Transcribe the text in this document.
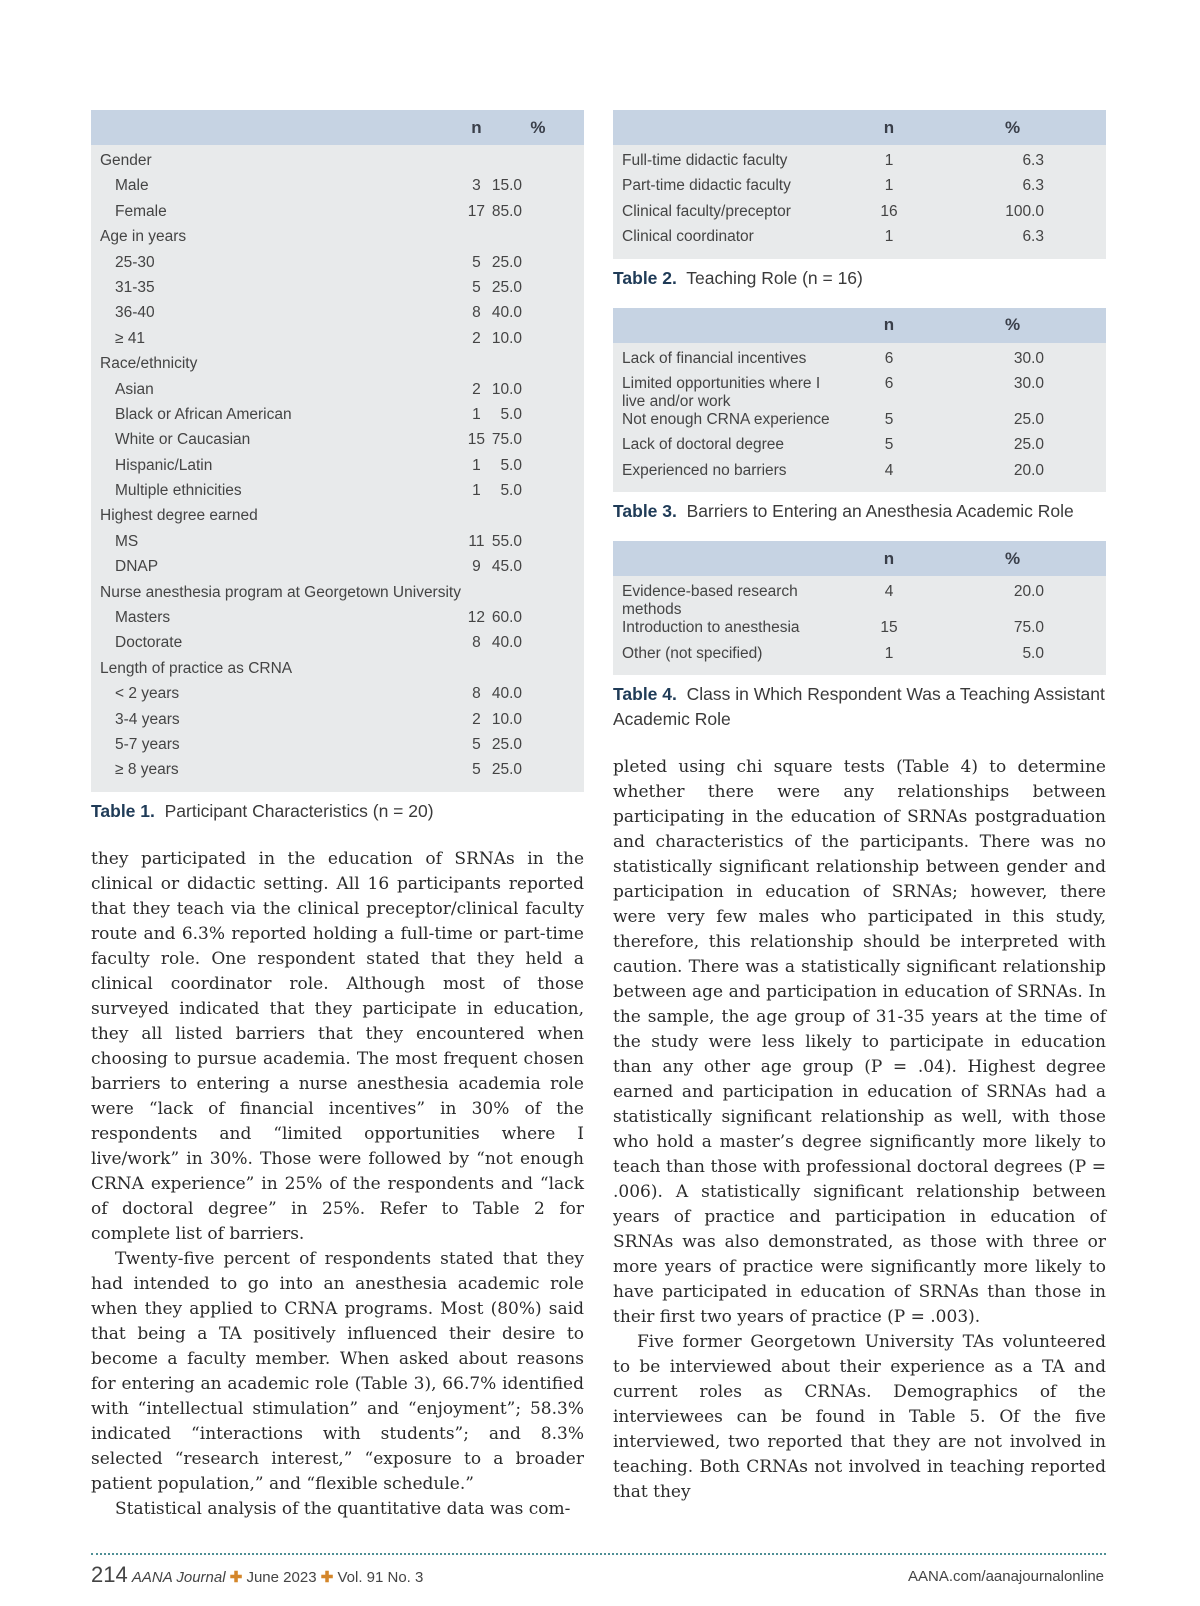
	n	%
Gender		
Male	3	15.0
Female	17	85.0
Age in years		
25-30	5	25.0
31-35	5	25.0
36-40	8	40.0
≥ 41	2	10.0
Race/ethnicity		
Asian	2	10.0
Black or African American	1	5.0
White or Caucasian	15	75.0
Hispanic/Latin	1	5.0
Multiple ethnicities	1	5.0
Highest degree earned		
MS	11	55.0
DNAP	9	45.0
Nurse anesthesia program at Georgetown University		
Masters	12	60.0
Doctorate	8	40.0
Length of practice as CRNA		
< 2 years	8	40.0
3-4 years	2	10.0
5-7 years	5	25.0
≥ 8 years	5	25.0
Table 1. Participant Characteristics (n = 20)

they participated in the education of SRNAs in the clinical or didactic setting. All 16 participants reported that they teach via the clinical preceptor/clinical faculty route and 6.3% reported holding a full-time or part-time faculty role. One respondent stated that they held a clinical coordinator role. Although most of those surveyed indicated that they participate in education, they all listed barriers that they encountered when choosing to pursue academia. The most frequent chosen barriers to entering a nurse anesthesia academia role were “lack of financial incentives” in 30% of the respondents and “limited opportunities where I live/work” in 30%. Those were followed by “not enough CRNA experience” in 25% of the respondents and “lack of doctoral degree” in 25%. Refer to Table 2 for complete list of barriers.

Twenty-five percent of respondents stated that they had intended to go into an anesthesia academic role when they applied to CRNA programs. Most (80%) said that being a TA positively influenced their desire to become a faculty member. When asked about reasons for entering an academic role (Table 3), 66.7% identified with “intellectual stimulation” and “enjoyment”; 58.3% indicated “interactions with students”; and 8.3% selected “research interest,” “exposure to a broader patient population,” and “flexible schedule.”

Statistical analysis of the quantitative data was com-

	n	%
Full-time didactic faculty	1	6.3
Part-time didactic faculty	1	6.3
Clinical faculty/preceptor	16	100.0
Clinical coordinator	1	6.3
Table 2. Teaching Role (n = 16)
	n	%
Lack of financial incentives	6	30.0
Limited opportunities where I live and/or work	6	30.0
Not enough CRNA experience	5	25.0
Lack of doctoral degree	5	25.0
Experienced no barriers	4	20.0
Table 3. Barriers to Entering an Anesthesia Academic Role
	n	%
Evidence-based research methods	4	20.0
Introduction to anesthesia	15	75.0
Other (not specified)	1	5.0
Table 4. Class in Which Respondent Was a Teaching Assistant Academic Role

pleted using chi square tests (Table 4) to determine whether there were any relationships between participating in the education of SRNAs postgraduation and characteristics of the participants. There was no statistically significant relationship between gender and participation in education of SRNAs; however, there were very few males who participated in this study, therefore, this relationship should be interpreted with caution. There was a statistically significant relationship between age and participation in education of SRNAs. In the sample, the age group of 31-35 years at the time of the study were less likely to participate in education than any other age group (P = .04). Highest degree earned and participation in education of SRNAs had a statistically significant relationship as well, with those who hold a master’s degree significantly more likely to teach than those with professional doctoral degrees (P = .006). A statistically significant relationship between years of practice and participation in education of SRNAs was also demonstrated, as those with three or more years of practice were significantly more likely to have participated in education of SRNAs than those in their first two years of practice (P = .003).

Five former Georgetown University TAs volunteered to be interviewed about their experience as a TA and current roles as CRNAs. Demographics of the interviewees can be found in Table 5. Of the five interviewed, two reported that they are not involved in teaching. Both CRNAs not involved in teaching reported that they

214 AANA Journal ✚ June 2023 ✚ Vol. 91 No. 3	AANA.com/aanajournalonline
